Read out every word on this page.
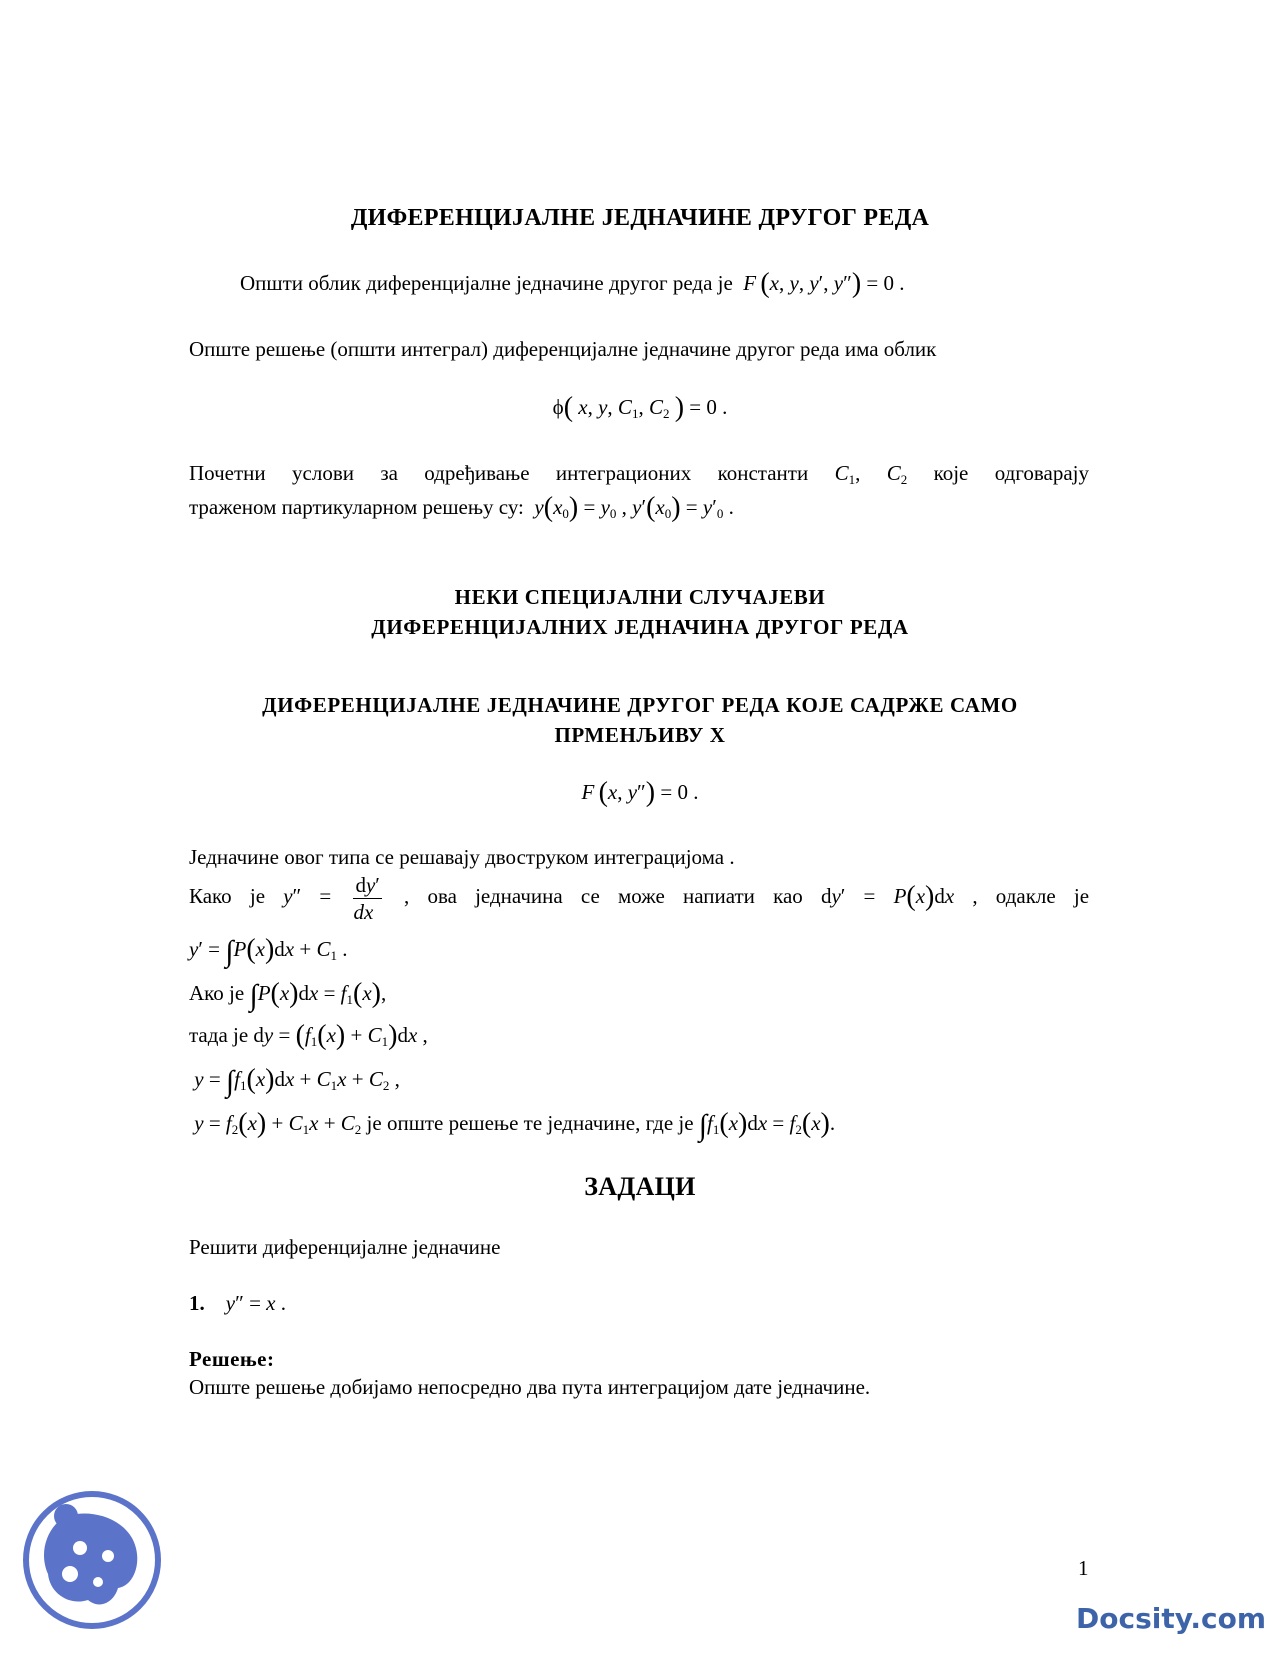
ДИФЕРЕНЦИЈАЛНЕ ЈЕДНАЧИНЕ ДРУГОГ РЕДА
Општи облик диференцијалне једначине другог реда је F  (x, y, y′, y″) = 0 .
Опште решење (општи интеграл) диференцијалне једначине другог реда има облик
ϕ( x, y, $C_1$, $C_2$ ) = 0 .
Почетни услови за одређивање интеграционих константи $C_1$, $C_2$ које одговарају
траженом партикуларном решењу су: $y(x_0) = y_0$ , $y'(x_0) = y'_0$ .
НЕКИ СПЕЦИЈАЛНИ СЛУЧАЈЕВИ
ДИФЕРЕНЦИЈАЛНИХ ЈЕДНАЧИНА ДРУГОГ РЕДА
ДИФЕРЕНЦИЈАЛНЕ ЈЕДНАЧИНЕ ДРУГОГ РЕДА КОЈЕ САДРЖЕ САМО
ПРМЕНЉИВУ X
F  (x, y″) = 0 .
Једначине овог типа се решавају двоструком интеграцијома .
Како је $y'' = \frac{dy'}{dx}$ , ова једначина се може напиати као dy′ = P(x)dx , одакле је
$y' = \int P(x)dx + C_1$ .
Ако је $\int P(x)dx = f_1(x)$,
тада је dy = $(f_1(x) + C_1)dx$ ,
$y = \int f_1(x)dx + C_1x + C_2$ ,
$y = f_2(x) + C_1x + C_2$ је опште решење те једначине, где је $\int f_1(x)dx = f_2(x)$.
ЗАДАЦИ
Решити диференцијалне једначине
1. y″ = x .
Решење:
Опште решење добијамо непосредно два пута интеграцијом дате једначине.
1
Docsity.com
